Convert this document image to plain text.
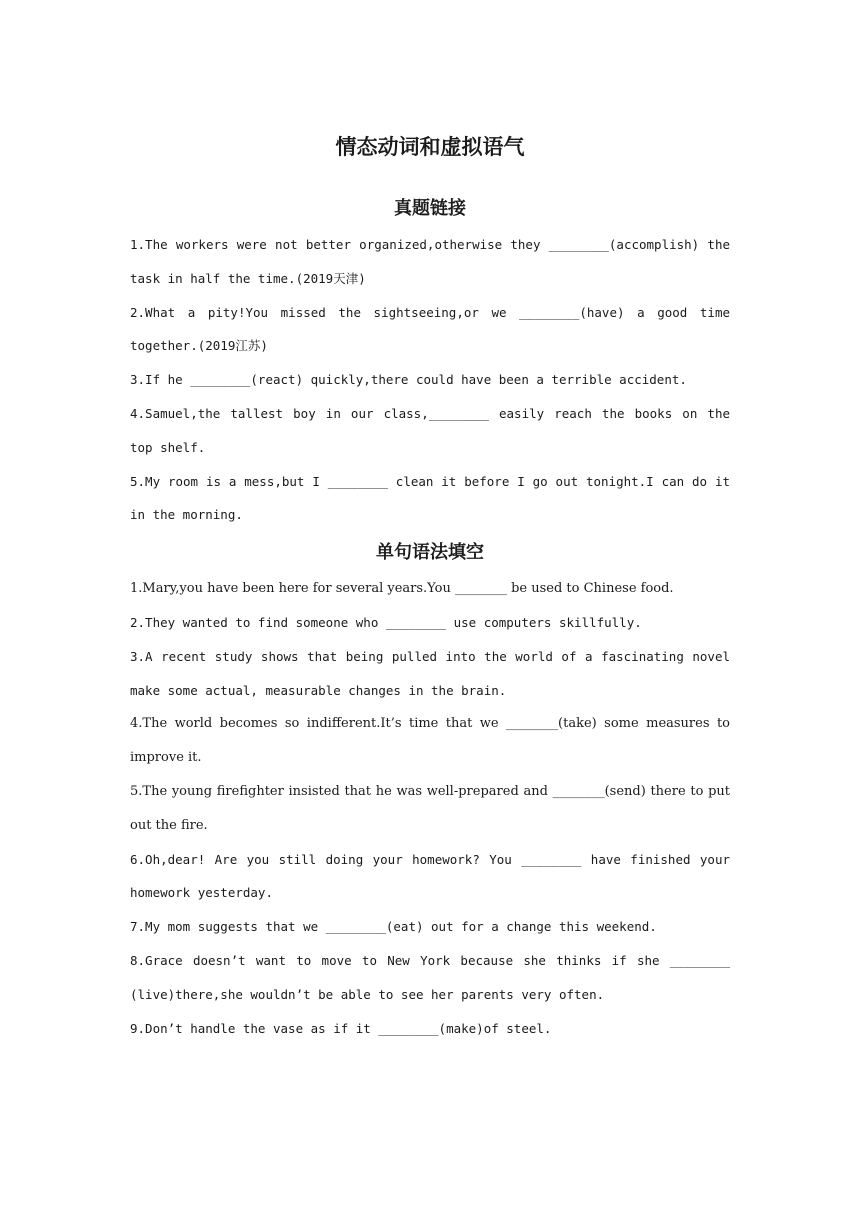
情态动词和虚拟语气
真题链接

1.The workers were not better organized,otherwise they ________(accomplish) the task in half the time.(2019天津)

2.What a pity!You missed the sightseeing,or we ________(have) a good time together.(2019江苏)

3.If he ________(react) quickly,there could have been a terrible accident.

4.Samuel,the tallest boy in our class,________ easily reach the books on the top shelf.

5.My room is a mess,but I ________ clean it before I go out tonight.I can do it in the morning.

单句语法填空

1.Mary,you have been here for several years.You ________ be used to Chinese food.

2.They wanted to find someone who ________ use computers skillfully.

3.A recent study shows that being pulled into the world of a fascinating novel make some actual, measurable changes in the brain.

4.The world becomes so indifferent.It’s time that we ________(take) some measures to improve it.

5.The young firefighter insisted that he was well-prepared and ________(send) there to put out the fire.

6.Oh,dear! Are you still doing your homework? You ________ have finished your homework yesterday.

7.My mom suggests that we ________(eat) out for a change this weekend.

8.Grace doesn’t want to move to New York because she thinks if she ________ (live)there,she wouldn’t be able to see her parents very often.

9.Don’t handle the vase as if it ________(make)of steel.
